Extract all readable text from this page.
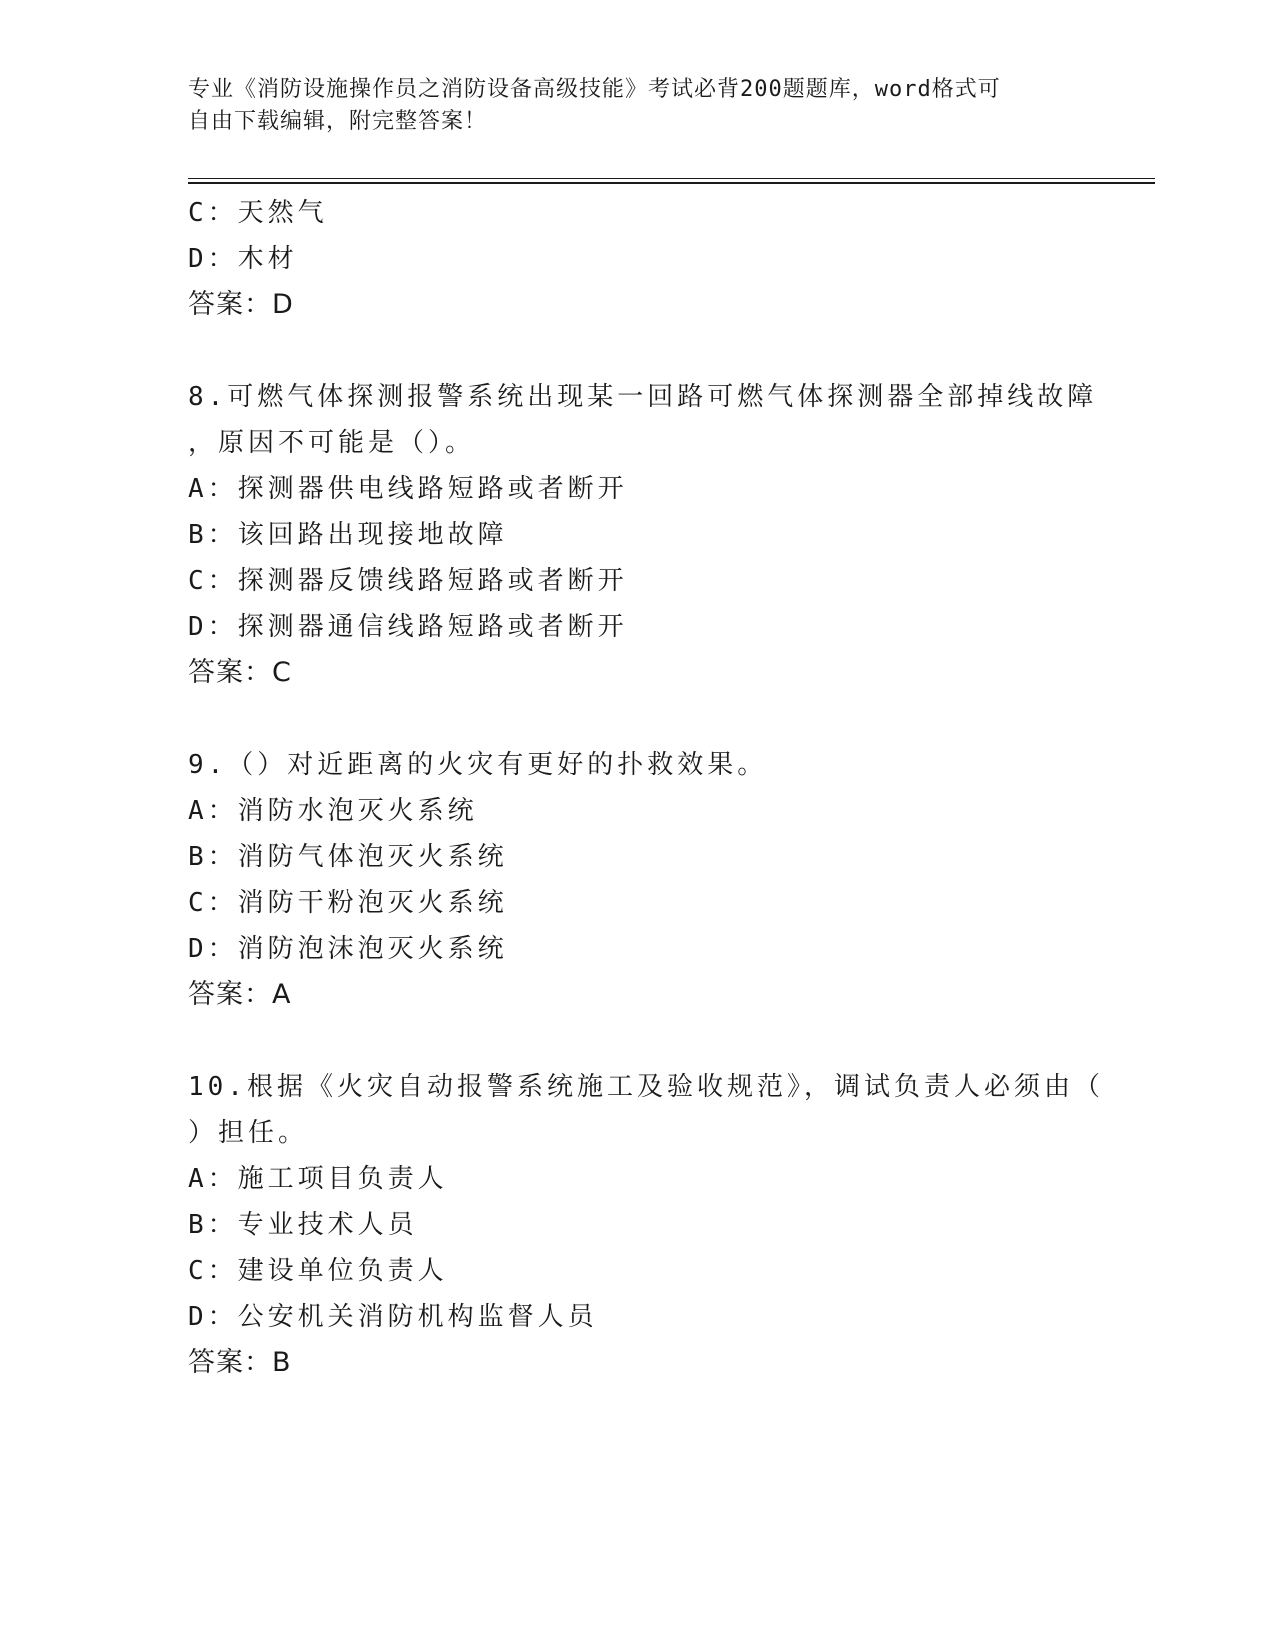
专业《消防设施操作员之消防设备高级技能》考试必背200题题库，word格式可
自由下载编辑，附完整答案！
C：天然气
D：木材
答案：D
8.可燃气体探测报警系统出现某一回路可燃气体探测器全部掉线故障
，原因不可能是（）。
A：探测器供电线路短路或者断开
B：该回路出现接地故障
C：探测器反馈线路短路或者断开
D：探测器通信线路短路或者断开
答案：C
9.（）对近距离的火灾有更好的扑救效果。
A：消防水泡灭火系统
B：消防气体泡灭火系统
C：消防干粉泡灭火系统
D：消防泡沫泡灭火系统
答案：A
10.根据《火灾自动报警系统施工及验收规范》，调试负责人必须由（
）担任。
A：施工项目负责人
B：专业技术人员
C：建设单位负责人
D：公安机关消防机构监督人员
答案：B
